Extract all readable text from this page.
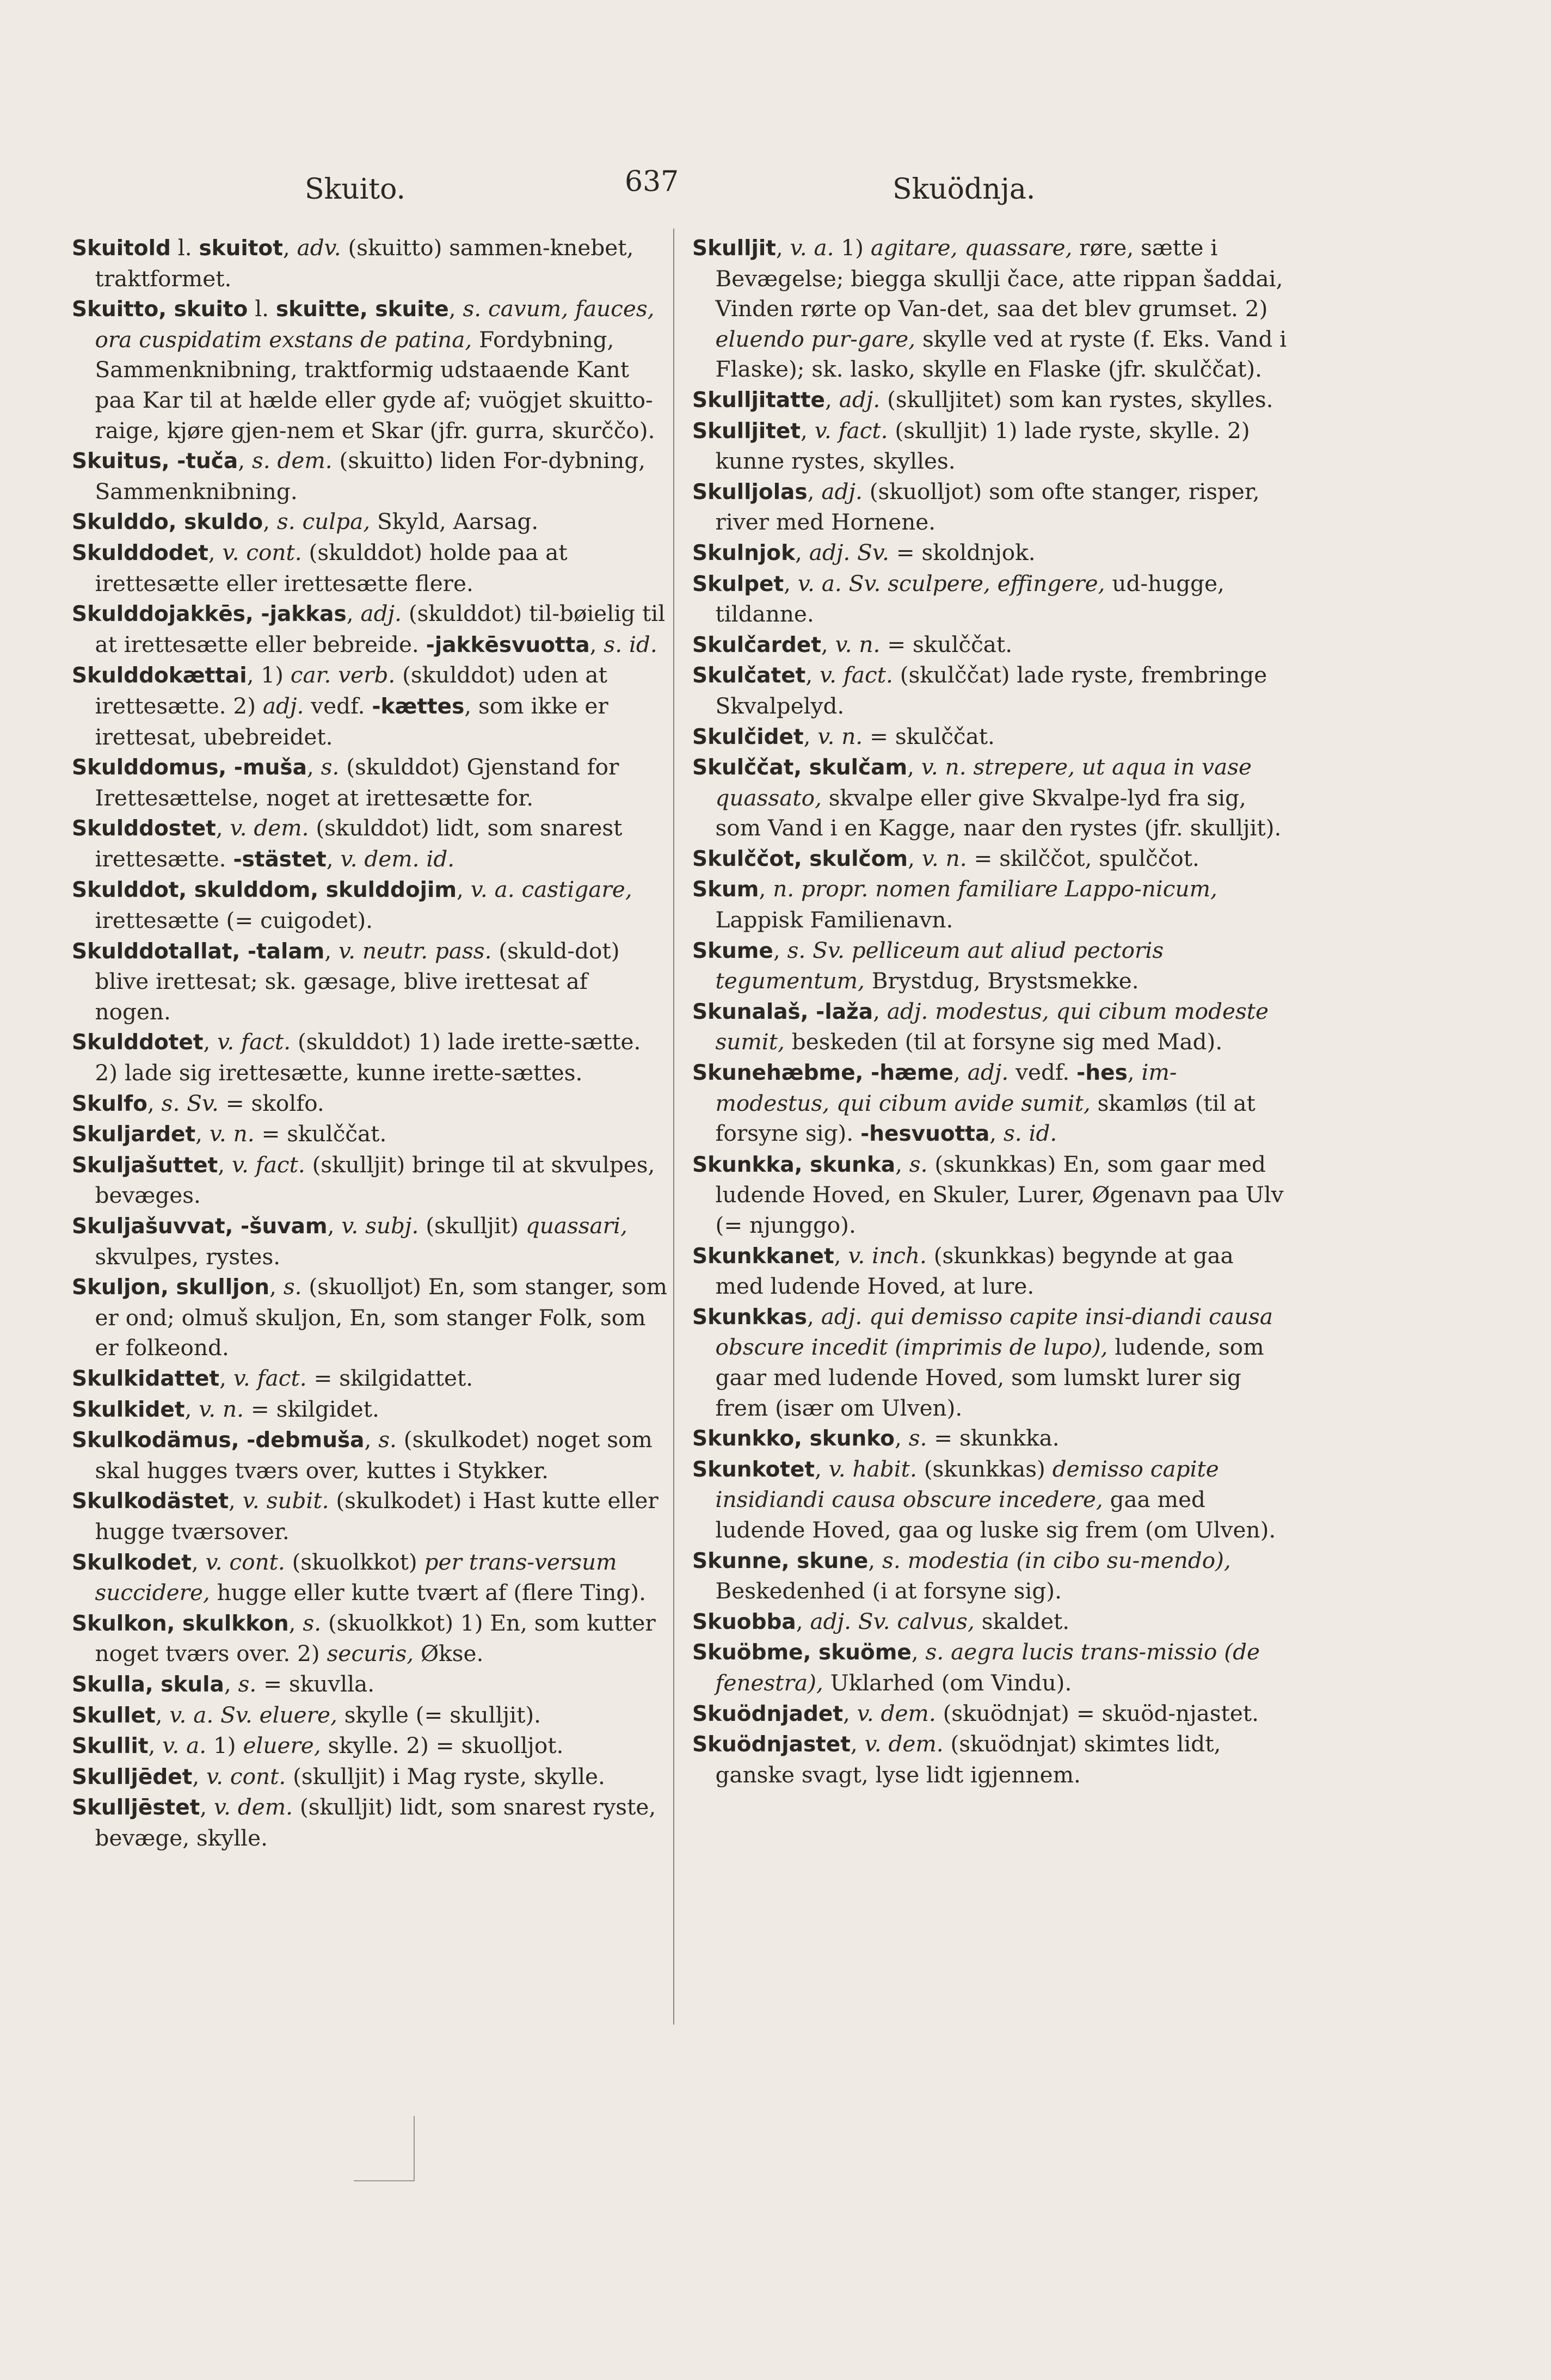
Skuito.	637	Skuödnja.

Skuitold l. skuitot, adv. (skuitto) sammen-knebet, traktformet.

Skuitto, skuito l. skuitte, skuite, s. cavum, fauces, ora cuspidatim exstans de patina, Fordybning, Sammenknibning, traktformig udstaaende Kant paa Kar til at hælde eller gyde af; vuögjet skuitto-raige, kjøre gjen-nem et Skar (jfr. gurra, skurččo).

Skuitus, -tuča, s. dem. (skuitto) liden For-dybning, Sammenknibning.

Skulddo, skuldo, s. culpa, Skyld, Aarsag.

Skulddodet, v. cont. (skulddot) holde paa at irettesætte eller irettesætte flere.

Skulddojakkēs, -jakkas, adj. (skulddot) til-bøielig til at irettesætte eller bebreide. -jakkēsvuotta, s. id.

Skulddokættai, 1) car. verb. (skulddot) uden at irettesætte. 2) adj. vedf. -kættes, som ikke er irettesat, ubebreidet.

Skulddomus, -muša, s. (skulddot) Gjenstand for Irettesættelse, noget at irettesætte for.

Skulddostet, v. dem. (skulddot) lidt, som snarest irettesætte. -stästet, v. dem. id.

Skulddot, skulddom, skulddojim, v. a. castigare, irettesætte (= cuigodet).

Skulddotallat, -talam, v. neutr. pass. (skuld-dot) blive irettesat; sk. gæsage, blive irettesat af nogen.

Skulddotet, v. fact. (skulddot) 1) lade irette-sætte. 2) lade sig irettesætte, kunne irette-sættes.

Skulfo, s. Sv. = skolfo.

Skuljardet, v. n. = skulččat.

Skuljašuttet, v. fact. (skulljit) bringe til at skvulpes, bevæges.

Skuljašuvvat, -šuvam, v. subj. (skulljit) quassari, skvulpes, rystes.

Skuljon, skulljon, s. (skuolljot) En, som stanger, som er ond; olmuš skuljon, En, som stanger Folk, som er folkeond.

Skulkidattet, v. fact. = skilgidattet.

Skulkidet, v. n. = skilgidet.

Skulkodämus, -debmuša, s. (skulkodet) noget som skal hugges tværs over, kuttes i Stykker.

Skulkodästet, v. subit. (skulkodet) i Hast kutte eller hugge tværsover.

Skulkodet, v. cont. (skuolkkot) per trans-versum succidere, hugge eller kutte tvært af (flere Ting).

Skulkon, skulkkon, s. (skuolkkot) 1) En, som kutter noget tværs over. 2) securis, Økse.

Skulla, skula, s. = skuvlla.

Skullet, v. a. Sv. eluere, skylle (= skulljit).

Skullit, v. a. 1) eluere, skylle. 2) = skuolljot.

Skulljēdet, v. cont. (skulljit) i Mag ryste, skylle.

Skulljēstet, v. dem. (skulljit) lidt, som snarest ryste, bevæge, skylle.

Skulljit, v. a. 1) agitare, quassare, røre, sætte i Bevægelse; biegga skullji čace, atte rippan šaddai, Vinden rørte op Van-det, saa det blev grumset. 2) eluendo pur-gare, skylle ved at ryste (f. Eks. Vand i Flaske); sk. lasko, skylle en Flaske (jfr. skulččat).

Skulljitatte, adj. (skulljitet) som kan rystes, skylles.

Skulljitet, v. fact. (skulljit) 1) lade ryste, skylle. 2) kunne rystes, skylles.

Skulljolas, adj. (skuolljot) som ofte stanger, risper, river med Hornene.

Skulnjok, adj. Sv. = skoldnjok.

Skulpet, v. a. Sv. sculpere, effingere, ud-hugge, tildanne.

Skulčardet, v. n. = skulččat.

Skulčatet, v. fact. (skulččat) lade ryste, frembringe Skvalpelyd.

Skulčidet, v. n. = skulččat.

Skulččat, skulčam, v. n. strepere, ut aqua in vase quassato, skvalpe eller give Skvalpe-lyd fra sig, som Vand i en Kagge, naar den rystes (jfr. skulljit).

Skulččot, skulčom, v. n. = skilččot, spulččot.

Skum, n. propr. nomen familiare Lappo-nicum, Lappisk Familienavn.

Skume, s. Sv. pelliceum aut aliud pectoris tegumentum, Brystdug, Brystsmekke.

Skunalaš, -laža, adj. modestus, qui cibum modeste sumit, beskeden (til at forsyne sig med Mad).

Skunehæbme, -hæme, adj. vedf. -hes, im-modestus, qui cibum avide sumit, skamløs (til at forsyne sig). -hesvuotta, s. id.

Skunkka, skunka, s. (skunkkas) En, som gaar med ludende Hoved, en Skuler, Lurer, Øgenavn paa Ulv (= njunggo).

Skunkkanet, v. inch. (skunkkas) begynde at gaa med ludende Hoved, at lure.

Skunkkas, adj. qui demisso capite insi-diandi causa obscure incedit (imprimis de lupo), ludende, som gaar med ludende Hoved, som lumskt lurer sig frem (især om Ulven).

Skunkko, skunko, s. = skunkka.

Skunkotet, v. habit. (skunkkas) demisso capite insidiandi causa obscure incedere, gaa med ludende Hoved, gaa og luske sig frem (om Ulven).

Skunne, skune, s. modestia (in cibo su-mendo), Beskedenhed (i at forsyne sig).

Skuobba, adj. Sv. calvus, skaldet.

Skuöbme, skuöme, s. aegra lucis trans-missio (de fenestra), Uklarhed (om Vindu).

Skuödnjadet, v. dem. (skuödnjat) = skuöd-njastet.

Skuödnjastet, v. dem. (skuödnjat) skimtes lidt, ganske svagt, lyse lidt igjennem.
